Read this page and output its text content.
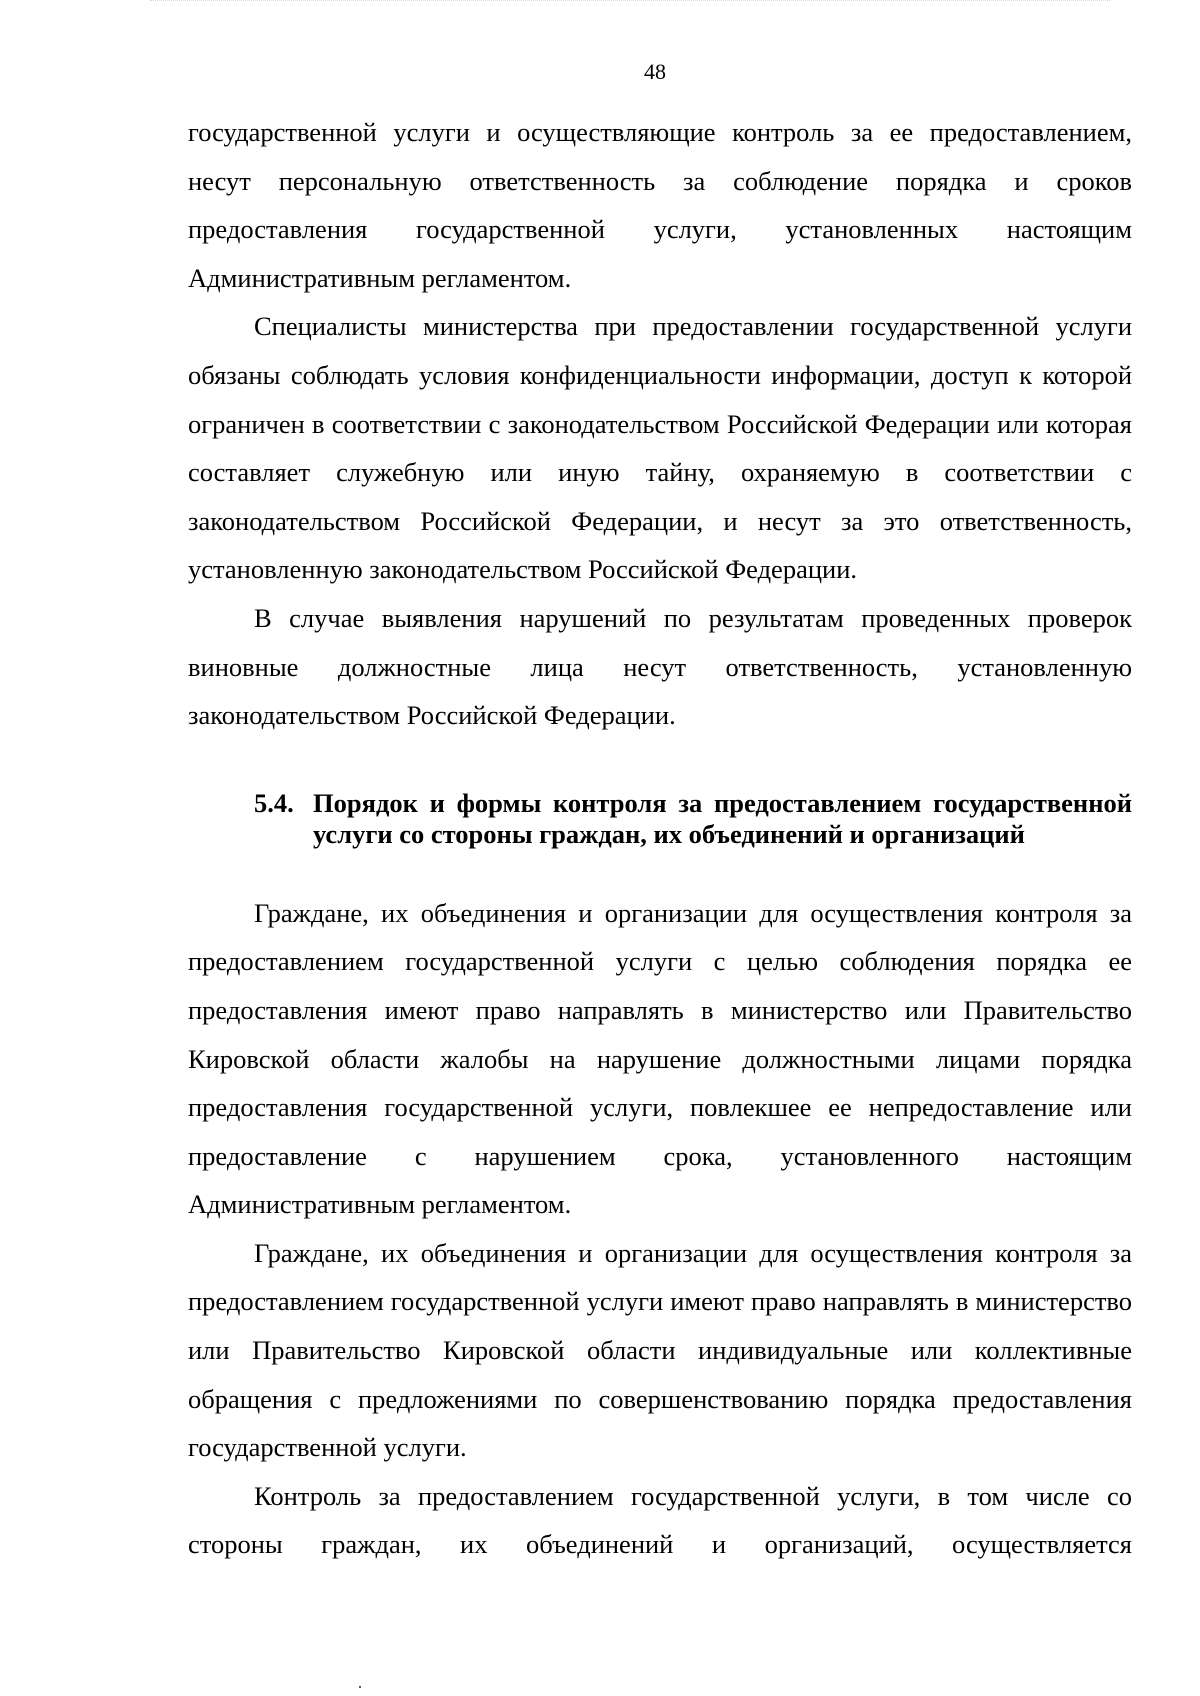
48

государственной услуги и осуществляющие контроль за ее предоставлением, несут персональную ответственность за соблюдение порядка и сроков предоставления государственной услуги, установленных настоящим Административным регламентом.

Специалисты министерства при предоставлении государственной услуги обязаны соблюдать условия конфиденциальности информации, доступ к которой ограничен в соответствии с законодательством Российской Федерации или которая составляет служебную или иную тайну, охраняемую в соответствии с законодательством Российской Федерации, и несут за это ответственность, установленную законодательством Российской Федерации.

В случае выявления нарушений по результатам проведенных проверок виновные должностные лица несут ответственность, установленную законодательством Российской Федерации.

5.4. Порядок и формы контроля за предоставлением государственной услуги со стороны граждан, их объединений и организаций

Граждане, их объединения и организации для осуществления контроля за предоставлением государственной услуги с целью соблюдения порядка ее предоставления имеют право направлять в министерство или Правительство Кировской области жалобы на нарушение должностными лицами порядка предоставления государственной услуги, повлекшее ее непредоставление или предоставление с нарушением срока, установленного настоящим Административным регламентом.

Граждане, их объединения и организации для осуществления контроля за предоставлением государственной услуги имеют право направлять в министерство или Правительство Кировской области индивидуальные или коллективные обращения с предложениями по совершенствованию порядка предоставления государственной услуги.

Контроль за предоставлением государственной услуги, в том числе со стороны граждан, их объединений и организаций, осуществляется
